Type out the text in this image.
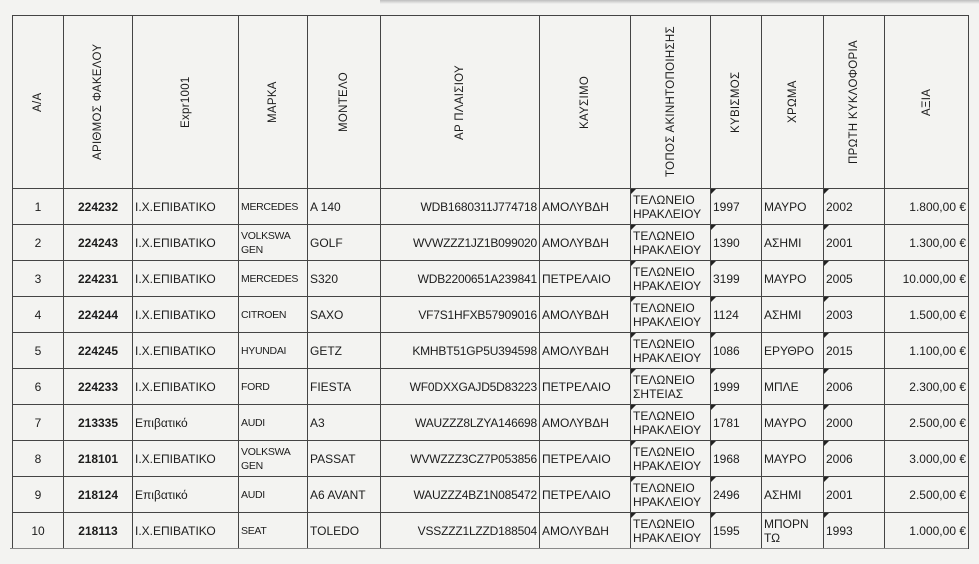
Α/Α	ΑΡΙΘΜΟΣ ΦΑΚΕΛΟΥ	Expr1001	ΜΑΡΚΑ	ΜΟΝΤΕΛΟ	ΑΡ ΠΛΑΙΣΙΟΥ	ΚΑΥΣΙΜΟ	ΤΟΠΟΣ ΑΚΙΝΗΤΟΠΟΙΗΣΗΣ	ΚΥΒΙΣΜΟΣ	ΧΡΩΜΑ	ΠΡΩΤΗ ΚΥΚΛΟΦΟΡΙΑ	ΑΞΙΑ

1	224232	Ι.Χ.ΕΠΙΒΑΤΙΚΟ	MERCEDES	A 140	WDB1680311J774718	ΑΜΟΛΥΒΔΗ	ΤΕΛΩΝΕΙΟ ΗΡΑΚΛΕΙΟΥ	1997	ΜΑΥΡΟ	2002	1.800,00 €
2	224243	Ι.Χ.ΕΠΙΒΑΤΙΚΟ	VOLKSWA GEN	GOLF	WVWZZZ1JZ1B099020	ΑΜΟΛΥΒΔΗ	ΤΕΛΩΝΕΙΟ ΗΡΑΚΛΕΙΟΥ	1390	ΑΣΗΜΙ	2001	1.300,00 €
3	224231	Ι.Χ.ΕΠΙΒΑΤΙΚΟ	MERCEDES	S320	WDB2200651A239841	ΠΕΤΡΕΛΑΙΟ	ΤΕΛΩΝΕΙΟ ΗΡΑΚΛΕΙΟΥ	3199	ΜΑΥΡΟ	2005	10.000,00 €
4	224244	Ι.Χ.ΕΠΙΒΑΤΙΚΟ	CITROEN	SAXO	VF7S1HFXB57909016	ΑΜΟΛΥΒΔΗ	ΤΕΛΩΝΕΙΟ ΗΡΑΚΛΕΙΟΥ	1124	ΑΣΗΜΙ	2003	1.500,00 €
5	224245	Ι.Χ.ΕΠΙΒΑΤΙΚΟ	HYUNDAI	GETZ	KMHBT51GP5U394598	ΑΜΟΛΥΒΔΗ	ΤΕΛΩΝΕΙΟ ΗΡΑΚΛΕΙΟΥ	1086	ΕΡΥΘΡΟ	2015	1.100,00 €
6	224233	Ι.Χ.ΕΠΙΒΑΤΙΚΟ	FORD	FIESTA	WF0DXXGAJD5D83223	ΠΕΤΡΕΛΑΙΟ	ΤΕΛΩΝΕΙΟ ΣΗΤΕΙΑΣ	1999	ΜΠΛΕ	2006	2.300,00 €
7	213335	Επιβατικό	AUDI	A3	WAUZZZ8LZYA146698	ΑΜΟΛΥΒΔΗ	ΤΕΛΩΝΕΙΟ ΗΡΑΚΛΕΙΟΥ	1781	ΜΑΥΡΟ	2000	2.500,00 €
8	218101	Ι.Χ.ΕΠΙΒΑΤΙΚΟ	VOLKSWA GEN	PASSAT	WVWZZZ3CZ7P053856	ΠΕΤΡΕΛΑΙΟ	ΤΕΛΩΝΕΙΟ ΗΡΑΚΛΕΙΟΥ	1968	ΜΑΥΡΟ	2006	3.000,00 €
9	218124	Επιβατικό	AUDI	A6 AVANT	WAUZZZ4BZ1N085472	ΠΕΤΡΕΛΑΙΟ	ΤΕΛΩΝΕΙΟ ΗΡΑΚΛΕΙΟΥ	2496	ΑΣΗΜΙ	2001	2.500,00 €
10	218113	Ι.Χ.ΕΠΙΒΑΤΙΚΟ	SEAT	TOLEDO	VSSZZZ1LZZD188504	ΑΜΟΛΥΒΔΗ	ΤΕΛΩΝΕΙΟ ΗΡΑΚΛΕΙΟΥ	1595	ΜΠΟΡΝ ΤΩ	1993	1.000,00 €
